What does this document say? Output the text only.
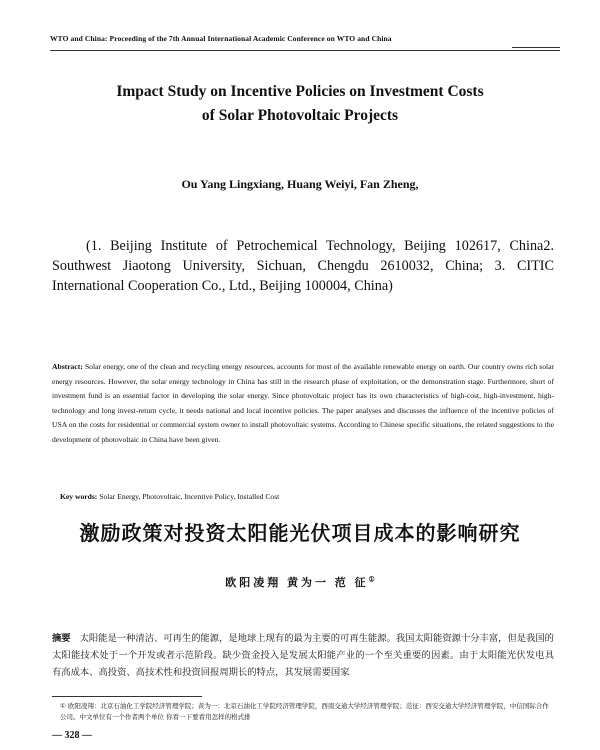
WTO and China: Proceeding of the 7th Annual International Academic Conference on WTO and China
Impact Study on Incentive Policies on Investment Costs
of Solar Photovoltaic Projects
Ou Yang Lingxiang, Huang Weiyi, Fan Zheng,
(1. Beijing Institute of Petrochemical Technology, Beijing 102617, China2. Southwest Jiaotong University, Sichuan, Chengdu 2610032, China; 3. CITIC International Cooperation Co., Ltd., Beijing 100004, China)
Abstract: Solar energy, one of the clean and recycling energy resources, accounts for most of the available renewable energy on earth. Our country owns rich solar energy resources. However, the solar energy technology in China has still in the research phase of exploitation, or the demonstration stage. Furthermore, short of investment fund is an essential factor in developing the solar energy. Since photovoltaic project has its own characteristics of high-cost, high-investment, high-technology and long invest-return cycle, it needs national and local incentive policies. The paper analyses and discusses the influence of the incentive policies of USA on the costs for residential or commercial system owner to install photovoltaic systems. According to Chinese specific situations, the related suggestions to the development of photovoltaic in China have been given.
Key words: Solar Energy, Photovoltaic, Incentive Policy, Installed Cost
激励政策对投资太阳能光伏项目成本的影响研究
欧阳凌翔 黄为一 范 征①
摘要 太阳能是一种清洁、可再生的能源，是地球上现有的最为主要的可再生能源。我国太阳能资源十分丰富，但是我国的太阳能技术处于一个开发或者示范阶段。缺少资金投入是发展太阳能产业的一个至关重要的因素。由于太阳能光伏发电具有高成本、高投资、高技术性和投资回报周期长的特点，其发展需要国家
① 欧阳凌翔：北京石油化工学院经济管理学院；黄为一：北京石油化工学院经济管理学院，西南交通大学经济管理学院；范征：西安交通大学经济管理学院，中信国际合作公司。中文单位有一个作者两个单位 你看一下要看用怎样的格式排
— 328 —
